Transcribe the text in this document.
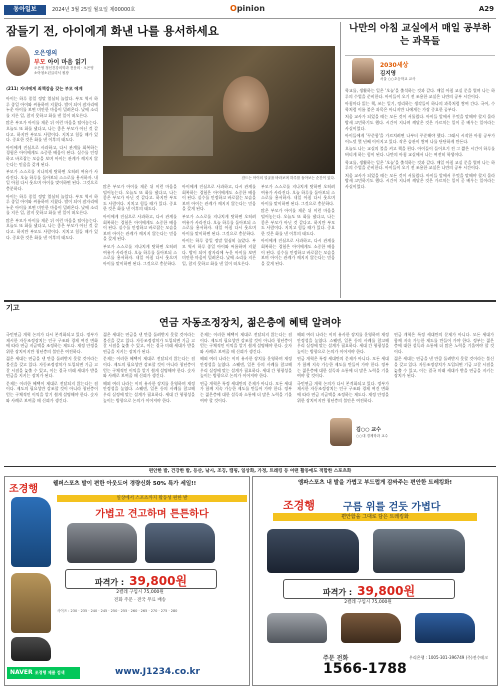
동아일보	2024년 3월 25일 월요일 제00000호	Opinion	A29
잠들기 전, 아이에게 화낸 나를 용서하세요
오은영의
부모 아이 마음 읽기
오은영 정신건강의학과 전문의 · 오은영 소아청소년클리닉 원장
⟨211⟩ 자녀에게 죄책감을 갖는 부모 에게

아이는 하루 종일 정말 열심히 놀았다. 부모 역시 하루 종일 아이와 씨름하며 지쳤다. 밤이 되어 잠자리에 누운 아이를 보면 미안한 마음이 밀려온다. 낮에 소리를 지른 일, 참지 못하고 화를 낸 일이 떠오른다.

많은 부모가 아이를 재운 뒤 이런 마음을 털어놓는다. 오늘도 또 화를 냈다고, 나는 좋은 부모가 아닌 것 같다고. 하지만 부모도 사람이다. 지치고 힘들 때가 있다. 중요한 것은 화를 낸 이후의 태도다.

아이에게 진심으로 사과하고, 다시 관계를 회복하는 경험은 아이에게도 소중한 배움이 된다. 실수를 인정하고 바로잡는 모습을 보며 아이는 관계가 깨지지 않는다는 믿음을 갖게 된다.

부모가 스스로를 지나치게 탓하면 오히려 여유가 사라진다. 오늘 하루를 돌아보되 스스로를 용서하자. 내일 아침 다시 웃으며 아이를 맞이하면 된다. 그것으로 충분하다.

아이는 하루 종일 정말 열심히 놀았다. 부모 역시 하루 종일 아이와 씨름하며 지쳤다. 밤이 되어 잠자리에 누운 아이를 보면 미안한 마음이 밀려온다. 낮에 소리를 지른 일, 참지 못하고 화를 낸 일이 떠오른다.

많은 부모가 아이를 재운 뒤 이런 마음을 털어놓는다. 오늘도 또 화를 냈다고, 나는 좋은 부모가 아닌 것 같다고. 하지만 부모도 사람이다. 지치고 힘들 때가 있다. 중요한 것은 화를 낸 이후의 태도다.

잠드는 아이의 얼굴을 바라보며 하루를 돌아보는 순간이 있다.

많은 부모가 아이를 재운 뒤 이런 마음을 털어놓는다. 오늘도 또 화를 냈다고, 나는 좋은 부모가 아닌 것 같다고. 하지만 부모도 사람이다. 지치고 힘들 때가 있다. 중요한 것은 화를 낸 이후의 태도다.

아이에게 진심으로 사과하고, 다시 관계를 회복하는 경험은 아이에게도 소중한 배움이 된다. 실수를 인정하고 바로잡는 모습을 보며 아이는 관계가 깨지지 않는다는 믿음을 갖게 된다.

부모가 스스로를 지나치게 탓하면 오히려 여유가 사라진다. 오늘 하루를 돌아보되 스스로를 용서하자. 내일 아침 다시 웃으며 아이를 맞이하면 된다. 그것으로 충분하다.

아이에게 진심으로 사과하고, 다시 관계를 회복하는 경험은 아이에게도 소중한 배움이 된다. 실수를 인정하고 바로잡는 모습을 보며 아이는 관계가 깨지지 않는다는 믿음을 갖게 된다.

부모가 스스로를 지나치게 탓하면 오히려 여유가 사라진다. 오늘 하루를 돌아보되 스스로를 용서하자. 내일 아침 다시 웃으며 아이를 맞이하면 된다. 그것으로 충분하다.

아이는 하루 종일 정말 열심히 놀았다. 부모 역시 하루 종일 아이와 씨름하며 지쳤다. 밤이 되어 잠자리에 누운 아이를 보면 미안한 마음이 밀려온다. 낮에 소리를 지른 일, 참지 못하고 화를 낸 일이 떠오른다.

부모가 스스로를 지나치게 탓하면 오히려 여유가 사라진다. 오늘 하루를 돌아보되 스스로를 용서하자. 내일 아침 다시 웃으며 아이를 맞이하면 된다. 그것으로 충분하다.

많은 부모가 아이를 재운 뒤 이런 마음을 털어놓는다. 오늘도 또 화를 냈다고, 나는 좋은 부모가 아닌 것 같다고. 하지만 부모도 사람이다. 지치고 힘들 때가 있다. 중요한 것은 화를 낸 이후의 태도다.

아이에게 진심으로 사과하고, 다시 관계를 회복하는 경험은 아이에게도 소중한 배움이 된다. 실수를 인정하고 바로잡는 모습을 보며 아이는 관계가 깨지지 않는다는 믿음을 갖게 된다.

나만의 아침 교실에서 매일 공부하는 과목들
2030세상
김지영
서울 ○○초등학교 교사

학교를, 생활하는 일은 '오늘'을 출석하는 것과 같다. 매일 아침 교실 문을 열며 나는 하루의 수업을 준비한다. 아이들이 오기 전 조용한 교실은 나만의 공부 시간이다.

아침마다 읽는 책, 쓰는 일기, 정리하는 생각들이 하나의 과목처럼 쌓여 간다. 국어, 수학처럼 이름 붙은 과목은 아니지만 나에게는 가장 중요한 공부다.

처음 교사가 되었을 때는 모든 것이 서툴렀다. 아이들 앞에서 무엇을 말해야 할지 몰라 밤새 고민하기도 했다. 시간이 지나며 깨달은 것은 가르치는 일이 곧 배우는 일이라는 사실이었다.

아이들에게 '꾸준함'을 가르치려면 나부터 꾸준해야 했다. 그래서 시작한 아침 공부가 어느덧 몇 년째 이어지고 있다. 작은 습관이 쌓여 나를 단단하게 만든다.

오늘도 나는 교실의 불을 켜고 책을 편다. 아이들이 들어오기 전 그 짧은 시간이 하루를 버티게 하는 힘이 된다. 나만의 아침 교실에서 나는 여전히 학생이다.

학교를, 생활하는 일은 '오늘'을 출석하는 것과 같다. 매일 아침 교실 문을 열며 나는 하루의 수업을 준비한다. 아이들이 오기 전 조용한 교실은 나만의 공부 시간이다.

처음 교사가 되었을 때는 모든 것이 서툴렀다. 아이들 앞에서 무엇을 말해야 할지 몰라 밤새 고민하기도 했다. 시간이 지나며 깨달은 것은 가르치는 일이 곧 배우는 일이라는 사실이었다.

기고
연금 자동조정장치, 젊은층에 혜택 알려야

국민연금 개혁 논의가 다시 본격화되고 있다. 정부가 제시한 자동조정장치는 인구 구조와 경제 여건 변화에 따라 연금 지급액을 조정하는 제도다. 재정 안정을 위한 장치이지만 청년층의 불안은 여전하다.

젊은 세대는 연금을 낸 만큼 돌려받지 못할 것이라는 불신을 갖고 있다. 자동조정장치가 도입되면 기금 고갈 시점을 늦출 수 있고, 이는 결국 미래 세대가 받을 연금을 지키는 장치가 된다.

문제는 이러한 혜택이 제대로 전달되지 않는다는 점이다. 제도의 필요성만 강조할 것이 아니라 청년층이 얻는 구체적인 이익을 알기 쉽게 설명해야 한다. 숫자와 사례로 보여줄 때 신뢰가 생긴다.

젊은 세대는 연금을 낸 만큼 돌려받지 못할 것이라는 불신을 갖고 있다. 자동조정장치가 도입되면 기금 고갈 시점을 늦출 수 있고, 이는 결국 미래 세대가 받을 연금을 지키는 장치가 된다.

문제는 이러한 혜택이 제대로 전달되지 않는다는 점이다. 제도의 필요성만 강조할 것이 아니라 청년층이 얻는 구체적인 이익을 알기 쉽게 설명해야 한다. 숫자와 사례로 보여줄 때 신뢰가 생긴다.

해외 여러 나라는 이미 유사한 장치를 운영하며 재정 안정성을 높였다. 스웨덴, 일본 등의 사례를 참고해 우리 실정에 맞는 설계가 필요하다. 세대 간 형평성을 높이는 방향으로 논의가 이어져야 한다.

문제는 이러한 혜택이 제대로 전달되지 않는다는 점이다. 제도의 필요성만 강조할 것이 아니라 청년층이 얻는 구체적인 이익을 알기 쉽게 설명해야 한다. 숫자와 사례로 보여줄 때 신뢰가 생긴다.

해외 여러 나라는 이미 유사한 장치를 운영하며 재정 안정성을 높였다. 스웨덴, 일본 등의 사례를 참고해 우리 실정에 맞는 설계가 필요하다. 세대 간 형평성을 높이는 방향으로 논의가 이어져야 한다.

연금 개혁은 특정 세대만의 문제가 아니다. 모든 세대가 함께 지속 가능한 제도를 만들어 가야 한다. 정부는 젊은층에 대한 설득과 소통에 더 많은 노력을 기울여야 할 것이다.

해외 여러 나라는 이미 유사한 장치를 운영하며 재정 안정성을 높였다. 스웨덴, 일본 등의 사례를 참고해 우리 실정에 맞는 설계가 필요하다. 세대 간 형평성을 높이는 방향으로 논의가 이어져야 한다.

연금 개혁은 특정 세대만의 문제가 아니다. 모든 세대가 함께 지속 가능한 제도를 만들어 가야 한다. 정부는 젊은층에 대한 설득과 소통에 더 많은 노력을 기울여야 할 것이다.

국민연금 개혁 논의가 다시 본격화되고 있다. 정부가 제시한 자동조정장치는 인구 구조와 경제 여건 변화에 따라 연금 지급액을 조정하는 제도다. 재정 안정을 위한 장치이지만 청년층의 불안은 여전하다.

연금 개혁은 특정 세대만의 문제가 아니다. 모든 세대가 함께 지속 가능한 제도를 만들어 가야 한다. 정부는 젊은층에 대한 설득과 소통에 더 많은 노력을 기울여야 할 것이다.

젊은 세대는 연금을 낸 만큼 돌려받지 못할 것이라는 불신을 갖고 있다. 자동조정장치가 도입되면 기금 고갈 시점을 늦출 수 있고, 이는 결국 미래 세대가 받을 연금을 지키는 장치가 된다.

김○○ 교수
○○대 경제학과 교수
편안한 발, 건강한 발, 등산, 낚시, 조깅, 캠핑, 일상화, 가정, 트레킹 등 어떤 활동에도 적합한 스포츠화
조경행	웰퍼스포츠 발이 편한 아웃도어 경량신화 50% 특가 세일!!
일상에서 스포츠까지 활동성 편한 발
가볍고 견고하며 튼튼하다
파격가 : 39,800원
2켤레 구입시 75,000원
전화 주문 · 전국 무료 배송
사이즈 : 230 · 235 · 240 · 245 · 250 · 255 · 260 · 265 · 270 · 275 · 280
NAVER 조경행 제품 검색	www.J1234.co.kr
엠파스포츠 내 발을 가볍고 부드럽게 감싸주는 편안한 트레킹화!
조경행	구름 위를 걷듯 가볍다
편안함을 그대로 담은 트레킹화
파격가 : 39,800원
2켤레 구입시 75,000원
주문 전화
1566-1788
우리은행 : 1005-301-396749 (주)전수테크
